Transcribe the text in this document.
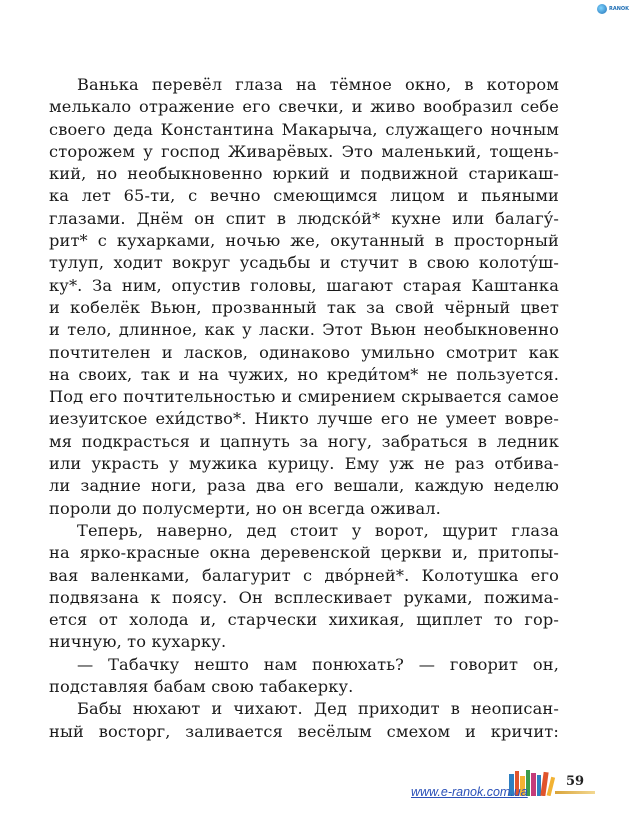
RANOK
Ванька перевёл глаза на тёмное окно, в котором
мелькало отражение его свечки, и живо вообразил себе
своего деда Константина Макарыча, служащего ночным
сторожем у господ Живарёвых. Это маленький, тощень-
кий, но необыкновенно юркий и подвижной старикаш-
ка лет 65-ти, с вечно смеющимся лицом и пьяными
глазами. Днём он спит в людско́й* кухне или балагу́-
рит* с кухарками, ночью же, окутанный в просторный
тулуп, ходит вокруг усадьбы и стучит в свою колоту́ш-
ку*. За ним, опустив головы, шагают старая Каштанка
и кобелёк Вьюн, прозванный так за свой чёрный цвет
и тело, длинное, как у ласки. Этот Вьюн необыкновенно
почтителен и ласков, одинаково умильно смотрит как
на своих, так и на чужих, но креди́том* не пользуется.
Под его почтительностью и смирением скрывается самое
иезуитское ехи́дство*. Никто лучше его не умеет вовре-
мя подкрасться и цапнуть за ногу, забраться в ледник
или украсть у мужика курицу. Ему уж не раз отбива-
ли задние ноги, раза два его вешали, каждую неделю
пороли до полусмерти, но он всегда оживал.
Теперь, наверно, дед стоит у ворот, щурит глаза
на ярко-красные окна деревенской церкви и, притопы-
вая валенками, балагурит с дво́рней*. Колотушка его
подвязана к поясу. Он всплескивает руками, пожима-
ется от холода и, старчески хихикая, щиплет то гор-
ничную, то кухарку.
— Табачку нешто нам понюхать? — говорит он,
подставляя бабам свою табакерку.
Бабы нюхают и чихают. Дед приходит в неописан-
ный восторг, заливается весёлым смехом и кричит:
www.e-ranok.com.ua
59
